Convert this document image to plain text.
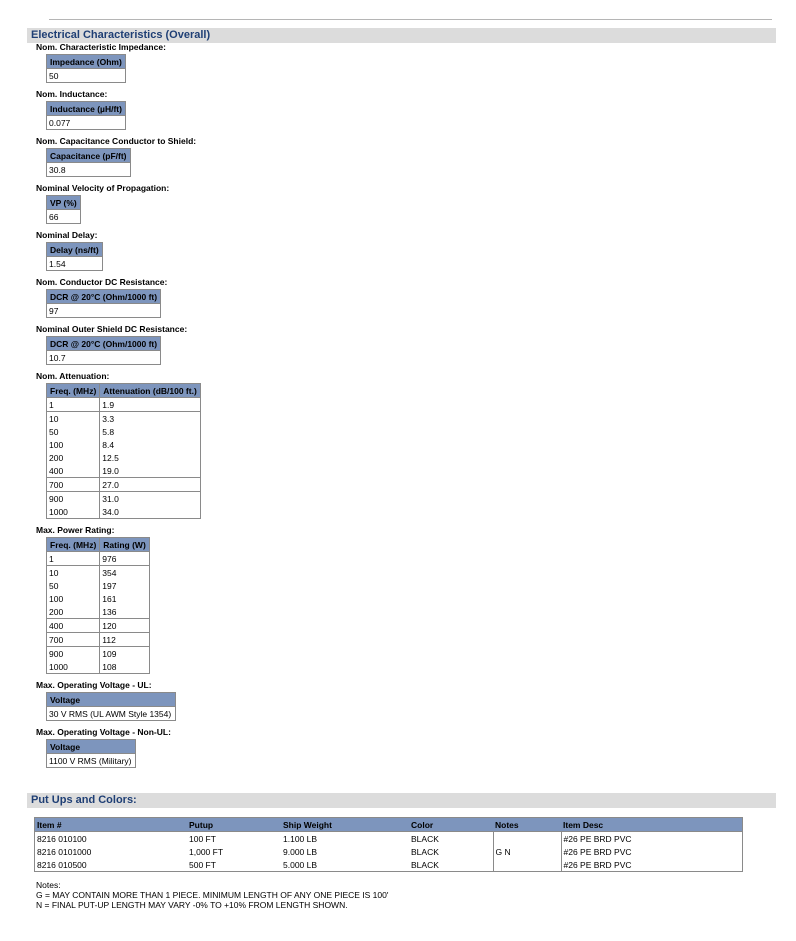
Electrical Characteristics (Overall)
Nom. Characteristic Impedance:
Impedance (Ohm)
50
Nom. Inductance:
Inductance (µH/ft)
0.077
Nom. Capacitance Conductor to Shield:
Capacitance (pF/ft)
30.8
Nominal Velocity of Propagation:
VP (%)
66
Nominal Delay:
Delay (ns/ft)
1.54
Nom. Conductor DC Resistance:
DCR @ 20°C (Ohm/1000 ft)
97
Nominal Outer Shield DC Resistance:
DCR @ 20°C (Ohm/1000 ft)
10.7
Nom. Attenuation:
Freq. (MHz)	Attenuation (dB/100 ft.)
1	1.9
10	3.3
50	5.8
100	8.4
200	12.5
400	19.0
700	27.0
900	31.0
1000	34.0
Max. Power Rating:
Freq. (MHz)	Rating (W)
1	976
10	354
50	197
100	161
200	136
400	120
700	112
900	109
1000	108
Max. Operating Voltage - UL:
Voltage
30 V RMS (UL AWM Style 1354)
Max. Operating Voltage - Non-UL:
Voltage
1100 V RMS (Military)
Put Ups and Colors:
Item #	Putup	Ship Weight	Color	Notes	Item Desc
8216 010100	100 FT	1.100 LB	BLACK		#26 PE BRD PVC
8216 0101000	1,000 FT	9.000 LB	BLACK	G N	#26 PE BRD PVC
8216 010500	500 FT	5.000 LB	BLACK		#26 PE BRD PVC
Notes:
G = MAY CONTAIN MORE THAN 1 PIECE. MINIMUM LENGTH OF ANY ONE PIECE IS 100'
N = FINAL PUT-UP LENGTH MAY VARY -0% TO +10% FROM LENGTH SHOWN.
